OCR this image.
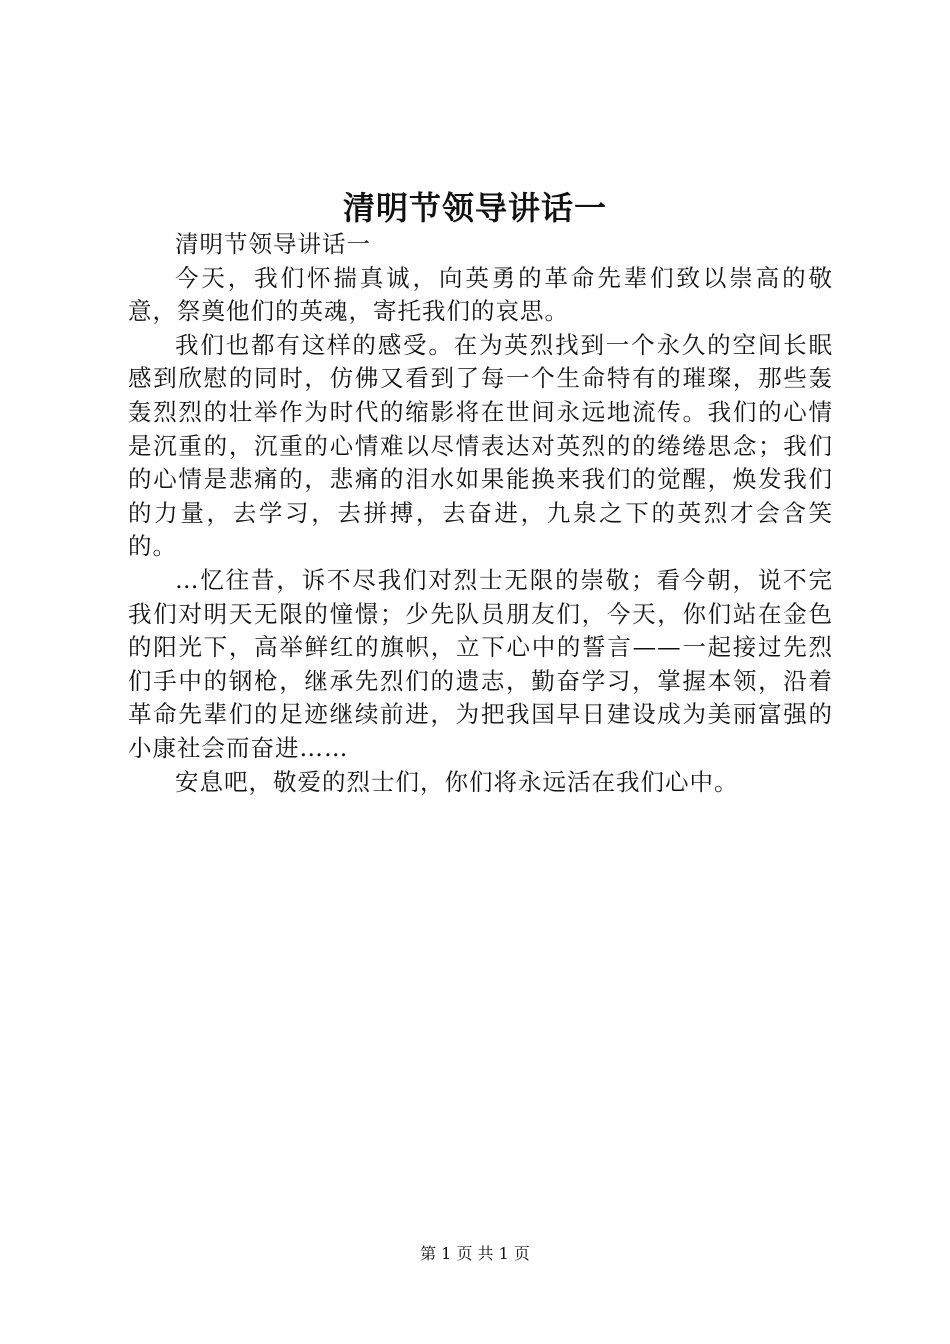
清明节领导讲话一

清明节领导讲话一

今天，我们怀揣真诚，向英勇的革命先辈们致以崇高的敬意，祭奠他们的英魂，寄托我们的哀思。

我们也都有这样的感受。在为英烈找到一个永久的空间长眠感到欣慰的同时，仿佛又看到了每一个生命特有的璀璨，那些轰轰烈烈的壮举作为时代的缩影将在世间永远地流传。我们的心情是沉重的，沉重的心情难以尽情表达对英烈的的绻绻思念；我们的心情是悲痛的，悲痛的泪水如果能换来我们的觉醒，焕发我们的力量，去学习，去拼搏，去奋进，九泉之下的英烈才会含笑的。

…忆往昔，诉不尽我们对烈士无限的崇敬；看今朝，说不完我们对明天无限的憧憬；少先队员朋友们，今天，你们站在金色的阳光下，高举鲜红的旗帜，立下心中的誓言——一起接过先烈们手中的钢枪，继承先烈们的遗志，勤奋学习，掌握本领，沿着革命先辈们的足迹继续前进，为把我国早日建设成为美丽富强的小康社会而奋进……

安息吧，敬爱的烈士们，你们将永远活在我们心中。

第 1 页 共 1 页
